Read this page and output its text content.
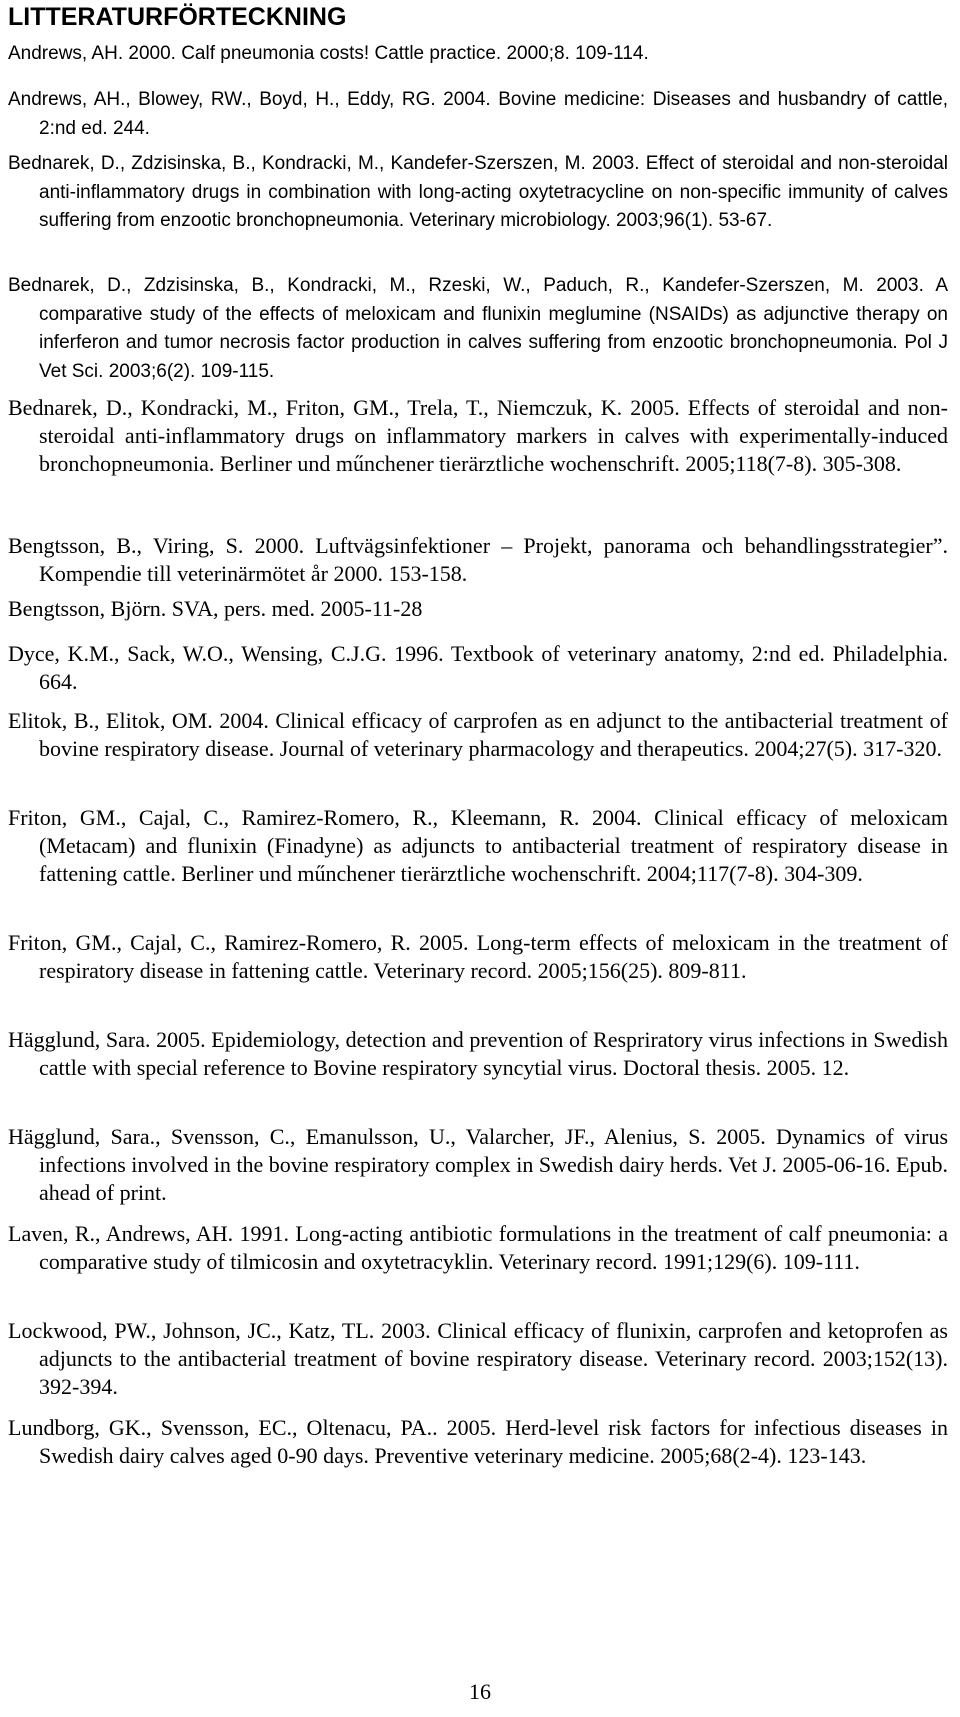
LITTERATURFÖRTECKNING
Andrews, AH. 2000. Calf pneumonia costs! Cattle practice. 2000;8. 109-114.
Andrews, AH., Blowey, RW., Boyd, H., Eddy, RG. 2004. Bovine medicine: Diseases and husbandry of cattle, 2:nd ed. 244.
Bednarek, D., Zdzisinska, B., Kondracki, M., Kandefer-Szerszen, M. 2003. Effect of steroidal and non-steroidal anti-inflammatory drugs in combination with long-acting oxytetracycline on non-specific immunity of calves suffering from enzootic bronchopneumonia. Veterinary microbiology. 2003;96(1). 53-67.
Bednarek, D., Zdzisinska, B., Kondracki, M., Rzeski, W., Paduch, R., Kandefer-Szerszen, M. 2003. A comparative study of the effects of meloxicam and flunixin meglumine (NSAIDs) as adjunctive therapy on inferferon and tumor necrosis factor production in calves suffering from enzootic bronchopneumonia. Pol J Vet Sci. 2003;6(2). 109-115.
Bednarek, D., Kondracki, M., Friton, GM., Trela, T., Niemczuk, K. 2005. Effects of steroidal and non-steroidal anti-inflammatory drugs on inflammatory markers in calves with experimentally-induced bronchopneumonia. Berliner und műnchener tierärztliche wochenschrift. 2005;118(7-8). 305-308.
Bengtsson, B., Viring, S. 2000. Luftvägsinfektioner – Projekt, panorama och behandlingsstrategier”. Kompendie till veterinärmötet år 2000. 153-158.
Bengtsson, Björn. SVA, pers. med. 2005-11-28
Dyce, K.M., Sack, W.O., Wensing, C.J.G. 1996. Textbook of veterinary anatomy, 2:nd ed. Philadelphia. 664.
Elitok, B., Elitok, OM. 2004. Clinical efficacy of carprofen as en adjunct to the antibacterial treatment of bovine respiratory disease. Journal of veterinary pharmacology and therapeutics. 2004;27(5). 317-320.
Friton, GM., Cajal, C., Ramirez-Romero, R., Kleemann, R. 2004. Clinical efficacy of meloxicam (Metacam) and flunixin (Finadyne) as adjuncts to antibacterial treatment of respiratory disease in fattening cattle. Berliner und műnchener tierärztliche wochenschrift. 2004;117(7-8). 304-309.
Friton, GM., Cajal, C., Ramirez-Romero, R. 2005. Long-term effects of meloxicam in the treatment of respiratory disease in fattening cattle. Veterinary record. 2005;156(25). 809-811.
Hägglund, Sara. 2005. Epidemiology, detection and prevention of Respriratory virus infections in Swedish cattle with special reference to Bovine respiratory syncytial virus. Doctoral thesis. 2005. 12.
Hägglund, Sara., Svensson, C., Emanulsson, U., Valarcher, JF., Alenius, S. 2005. Dynamics of virus infections involved in the bovine respiratory complex in Swedish dairy herds. Vet J. 2005-06-16. Epub. ahead of print.
Laven, R., Andrews, AH. 1991. Long-acting antibiotic formulations in the treatment of calf pneumonia: a comparative study of tilmicosin and oxytetracyklin. Veterinary record. 1991;129(6). 109-111.
Lockwood, PW., Johnson, JC., Katz, TL. 2003. Clinical efficacy of flunixin, carprofen and ketoprofen as adjuncts to the antibacterial treatment of bovine respiratory disease. Veterinary record. 2003;152(13). 392-394.
Lundborg, GK., Svensson, EC., Oltenacu, PA.. 2005. Herd-level risk factors for infectious diseases in Swedish dairy calves aged 0-90 days. Preventive veterinary medicine. 2005;68(2-4). 123-143.
16
